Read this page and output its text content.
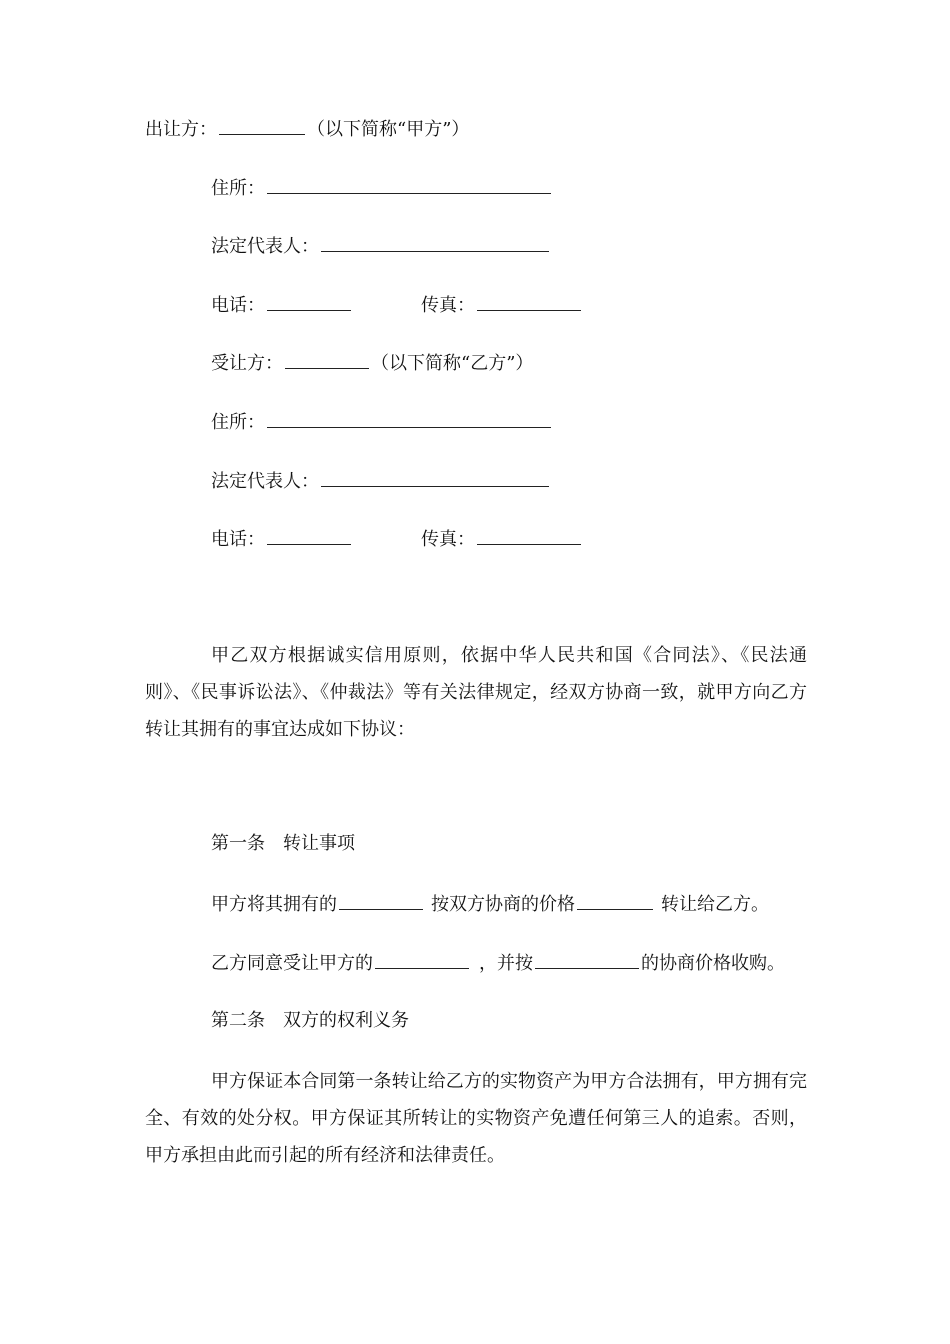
出让方：	（以下简称“甲方”）
住所：
法定代表人：
电话：	传真：
受让方：	（以下简称“乙方”）
住所：
法定代表人：
电话：	传真：
甲乙双方根据诚实信用原则，依据中华人民共和国《合同法》、《民法通则》、《民事诉讼法》、《仲裁法》等有关法律规定，经双方协商一致，就甲方向乙方转让其拥有的事宜达成如下协议：
第一条　转让事项
甲方将其拥有的	按双方协商的价格	转让给乙方。
乙方同意受让甲方的	，并按	的协商价格收购。
第二条　双方的权利义务
甲方保证本合同第一条转让给乙方的实物资产为甲方合法拥有，甲方拥有完全、有效的处分权。甲方保证其所转让的实物资产免遭任何第三人的追索。否则，甲方承担由此而引起的所有经济和法律责任。
